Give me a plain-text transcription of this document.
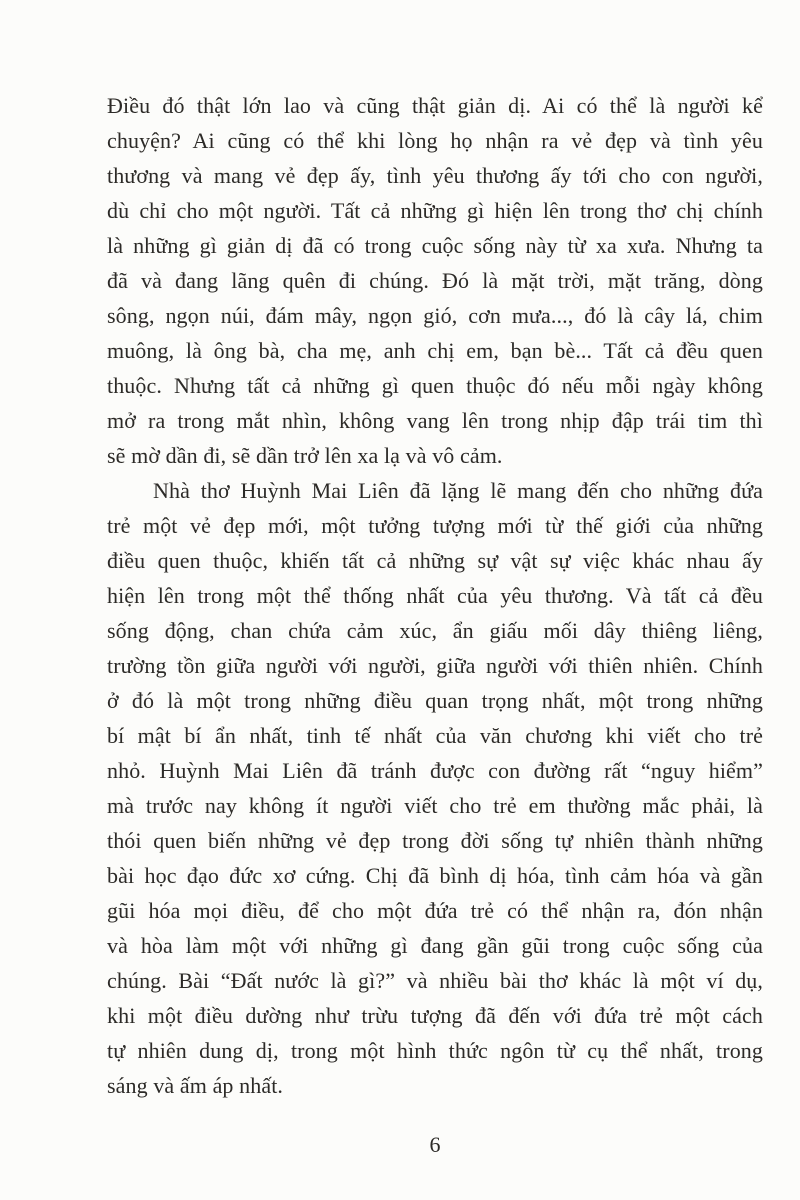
Điều đó thật lớn lao và cũng thật giản dị. Ai có thể là người kể
chuyện? Ai cũng có thể khi lòng họ nhận ra vẻ đẹp và tình yêu
thương và mang vẻ đẹp ấy, tình yêu thương ấy tới cho con người,
dù chỉ cho một người. Tất cả những gì hiện lên trong thơ chị chính
là những gì giản dị đã có trong cuộc sống này từ xa xưa. Nhưng ta
đã và đang lãng quên đi chúng. Đó là mặt trời, mặt trăng, dòng
sông, ngọn núi, đám mây, ngọn gió, cơn mưa..., đó là cây lá, chim
muông, là ông bà, cha mẹ, anh chị em, bạn bè... Tất cả đều quen
thuộc. Nhưng tất cả những gì quen thuộc đó nếu mỗi ngày không
mở ra trong mắt nhìn, không vang lên trong nhịp đập trái tim thì
sẽ mờ dần đi, sẽ dần trở lên xa lạ và vô cảm.
Nhà thơ Huỳnh Mai Liên đã lặng lẽ mang đến cho những đứa
trẻ một vẻ đẹp mới, một tưởng tượng mới từ thế giới của những
điều quen thuộc, khiến tất cả những sự vật sự việc khác nhau ấy
hiện lên trong một thể thống nhất của yêu thương. Và tất cả đều
sống động, chan chứa cảm xúc, ẩn giấu mối dây thiêng liêng,
trường tồn giữa người với người, giữa người với thiên nhiên. Chính
ở đó là một trong những điều quan trọng nhất, một trong những
bí mật bí ẩn nhất, tinh tế nhất của văn chương khi viết cho trẻ
nhỏ. Huỳnh Mai Liên đã tránh được con đường rất “nguy hiểm”
mà trước nay không ít người viết cho trẻ em thường mắc phải, là
thói quen biến những vẻ đẹp trong đời sống tự nhiên thành những
bài học đạo đức xơ cứng. Chị đã bình dị hóa, tình cảm hóa và gần
gũi hóa mọi điều, để cho một đứa trẻ có thể nhận ra, đón nhận
và hòa làm một với những gì đang gần gũi trong cuộc sống của
chúng. Bài “Đất nước là gì?” và nhiều bài thơ khác là một ví dụ,
khi một điều dường như trừu tượng đã đến với đứa trẻ một cách
tự nhiên dung dị, trong một hình thức ngôn từ cụ thể nhất, trong
sáng và ấm áp nhất.
6
